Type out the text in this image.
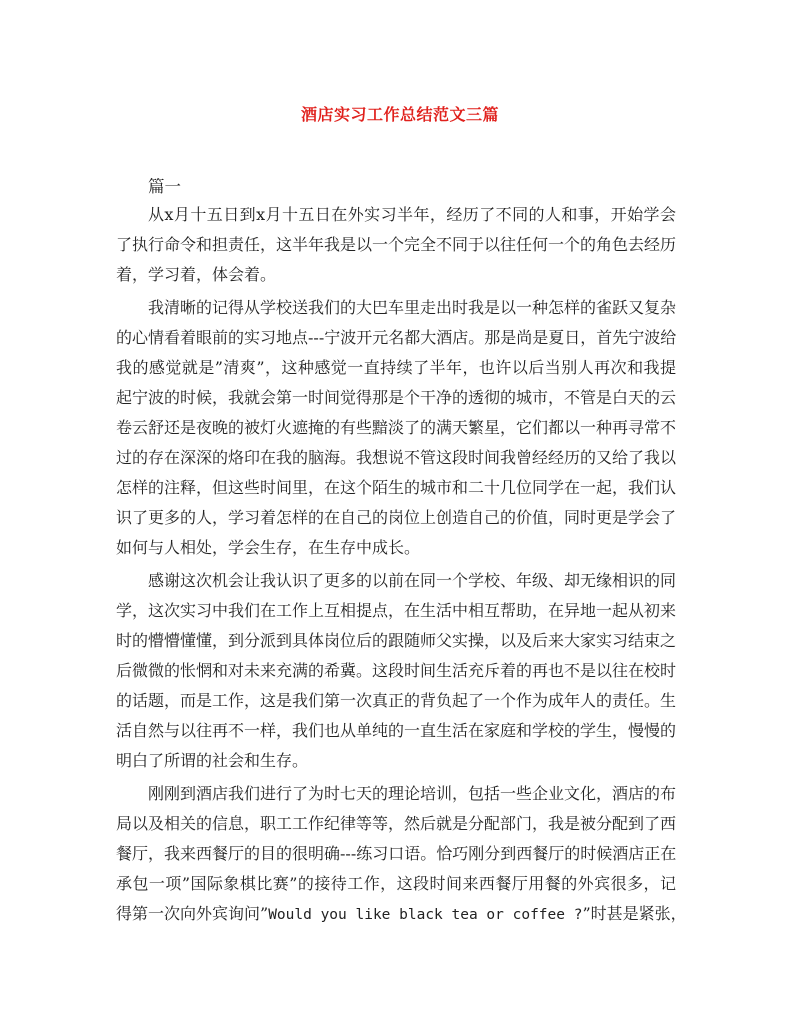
酒店实习工作总结范文三篇
篇一
从x月十五日到x月十五日在外实习半年，经历了不同的人和事，开始学会
了执行命令和担责任，这半年我是以一个完全不同于以往任何一个的角色去经历
着，学习着，体会着。
我清晰的记得从学校送我们的大巴车里走出时我是以一种怎样的雀跃又复杂
的心情看着眼前的实习地点---宁波开元名都大酒店。那是尚是夏日，首先宁波给
我的感觉就是”清爽”，这种感觉一直持续了半年，也许以后当别人再次和我提
起宁波的时候，我就会第一时间觉得那是个干净的透彻的城市，不管是白天的云
卷云舒还是夜晚的被灯火遮掩的有些黯淡了的满天繁星，它们都以一种再寻常不
过的存在深深的烙印在我的脑海。我想说不管这段时间我曾经经历的又给了我以
怎样的注释，但这些时间里，在这个陌生的城市和二十几位同学在一起，我们认
识了更多的人，学习着怎样的在自己的岗位上创造自己的价值，同时更是学会了
如何与人相处，学会生存，在生存中成长。
感谢这次机会让我认识了更多的以前在同一个学校、年级、却无缘相识的同
学，这次实习中我们在工作上互相提点，在生活中相互帮助，在异地一起从初来
时的懵懵懂懂，到分派到具体岗位后的跟随师父实操，以及后来大家实习结束之
后微微的怅惘和对未来充满的希冀。这段时间生活充斥着的再也不是以往在校时
的话题，而是工作，这是我们第一次真正的背负起了一个作为成年人的责任。生
活自然与以往再不一样，我们也从单纯的一直生活在家庭和学校的学生，慢慢的
明白了所谓的社会和生存。
刚刚到酒店我们进行了为时七天的理论培训，包括一些企业文化，酒店的布
局以及相关的信息，职工工作纪律等等，然后就是分配部门，我是被分配到了西
餐厅，我来西餐厅的目的很明确---练习口语。恰巧刚分到西餐厅的时候酒店正在
承包一项”国际象棋比赛”的接待工作，这段时间来西餐厅用餐的外宾很多，记
得第一次向外宾询问”Would you like black tea or coffee ?”时甚是紧张，
